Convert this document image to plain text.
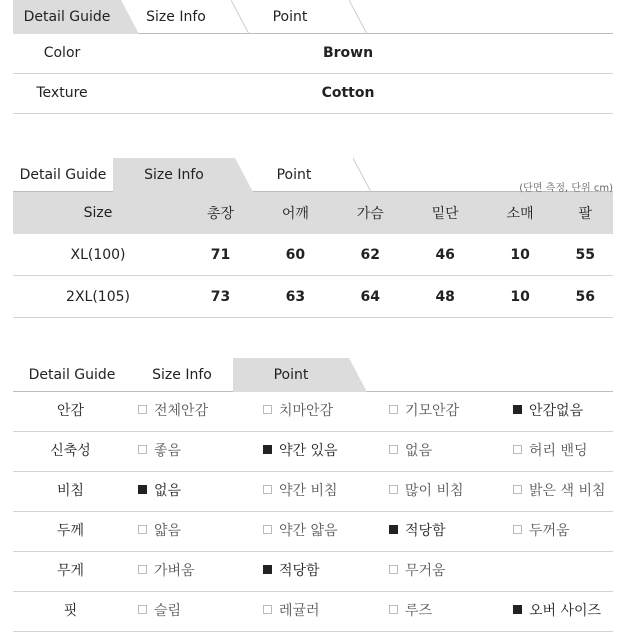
Detail Guide	Size Info	Point
Color	Brown
Texture	Cotton
Detail Guide	Size Info	Point
(단면 측정, 단위 cm)
Size	총장	어깨	가슴	밑단	소매	팔
XL(100)	71	60	62	46	10	55
2XL(105)	73	63	64	48	10	56
Detail Guide	Size Info	Point
안감	전체안감	치마안감	기모안감	안감없음
신축성	좋음	약간 있음	없음	허리 밴딩
비침	없음	약간 비침	많이 비침	밝은 색 비침
두께	얇음	약간 얇음	적당함	두꺼움
무게	가벼움	적당함	무거움
핏	슬림	레귤러	루즈	오버 사이즈
